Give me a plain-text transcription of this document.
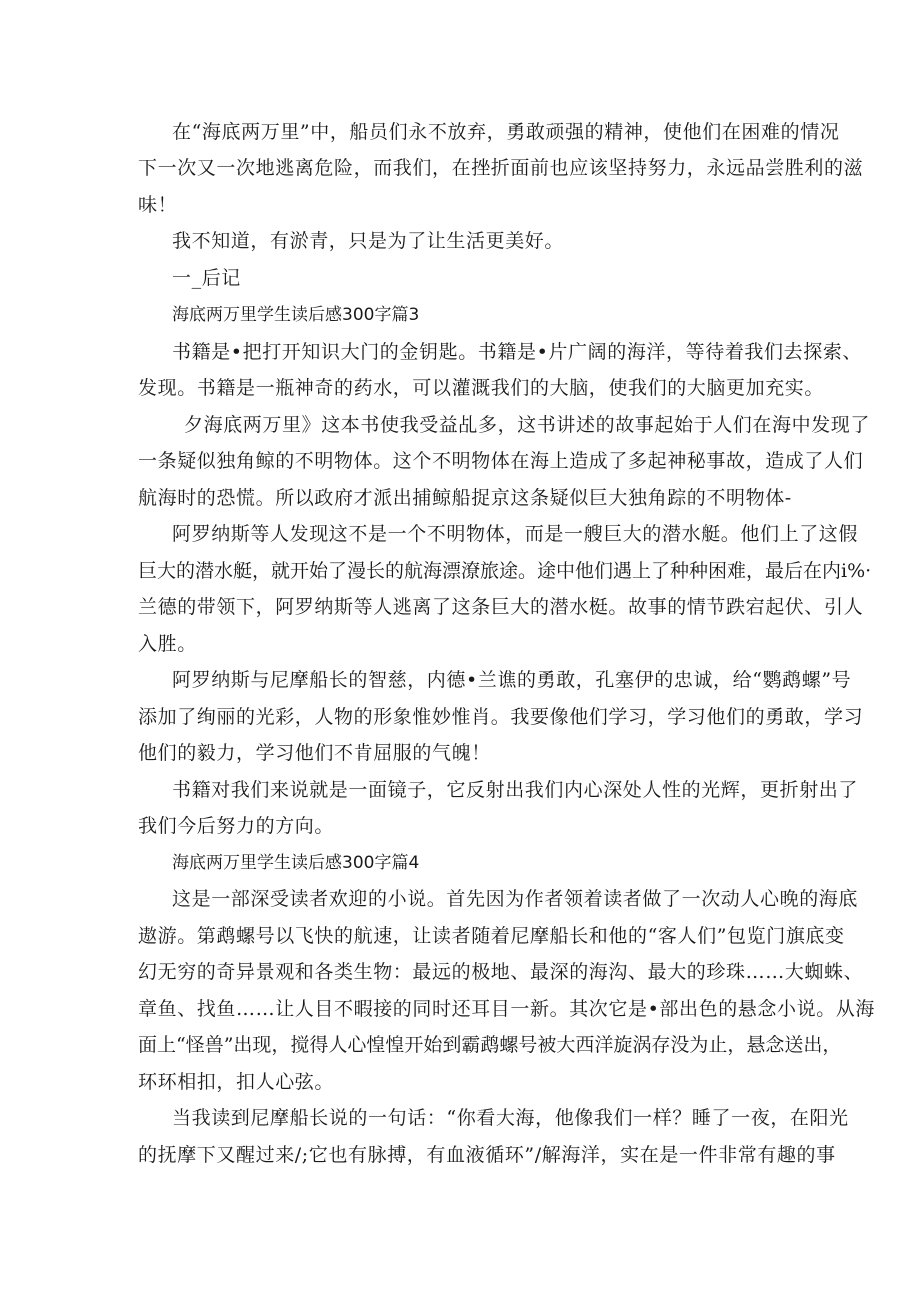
在“海底两万里”中，船员们永不放弃，勇敢顽强的精神，使他们在困难的情况
下一次又一次地逃离危险，而我们，在挫折面前也应该坚持努力，永远品尝胜利的滋
味！
我不知道，有淤青，只是为了让生活更美好。
一_后记
海底两万里学生读后感300字篇3
书籍是•把打开知识大门的金钥匙。书籍是•片广阔的海洋，等待着我们去探索、
发现。书籍是一瓶神奇的药水，可以灌溉我们的大脑，使我们的大脑更加充实。
夕海底两万里》这本书使我受益乩多，这书讲述的故事起始于人们在海中发现了
一条疑似独角鲸的不明物体。这个不明物体在海上造成了多起神秘事故，造成了人们
航海时的恐慌。所以政府才派出捕鲸船捉京这条疑似巨大独角踪的不明物体-
阿罗纳斯等人发现这不是一个不明物体，而是一艘巨大的潜水艇。他们上了这假
巨大的潜水艇，就开始了漫长的航海漂潦旅途。途中他们遇上了种种困难，最后在内i%·
兰德的带领下，阿罗纳斯等人逃离了这条巨大的潜水梃。故事的情节跌宕起伏、引人
入胜。
阿罗纳斯与尼摩船长的智慈，内德•兰谯的勇敢，孔塞伊的忠诚，给“鹦鹉螺”号
添加了绚丽的光彩，人物的形象惟妙惟肖。我要像他们学习，学习他们的勇敢，学习
他们的毅力，学习他们不肯屈服的气魄！
书籍对我们来说就是一面镜子，它反射出我们内心深处人性的光辉，更折射出了
我们今后努力的方向。
海底两万里学生读后感300字篇4
这是一部深受读者欢迎的小说。首先因为作者领着读者做了一次动人心晚的海底
遨游。第鹉螺号以飞快的航速，让读者随着尼摩船长和他的“客人们”包览门旗底变
幻无穷的奇异景观和各类生物：最远的极地、最深的海沟、最大的珍珠……大蜘蛛、
章鱼、找鱼……让人目不暇接的同时还耳目一新。其次它是•部出色的悬念小说。从海
面上“怪兽”出现，搅得人心惶惶开始到霸鹉螺号被大西洋旋涡存没为止，悬念送出，
环环相扣，扣人心弦。
当我读到尼摩船长说的一句话：“你看大海，他像我们一样？睡了一夜，在阳光
的抚摩下又醒过来/;它也有脉搏，有血液循环”/解海洋，实在是一件非常有趣的事
